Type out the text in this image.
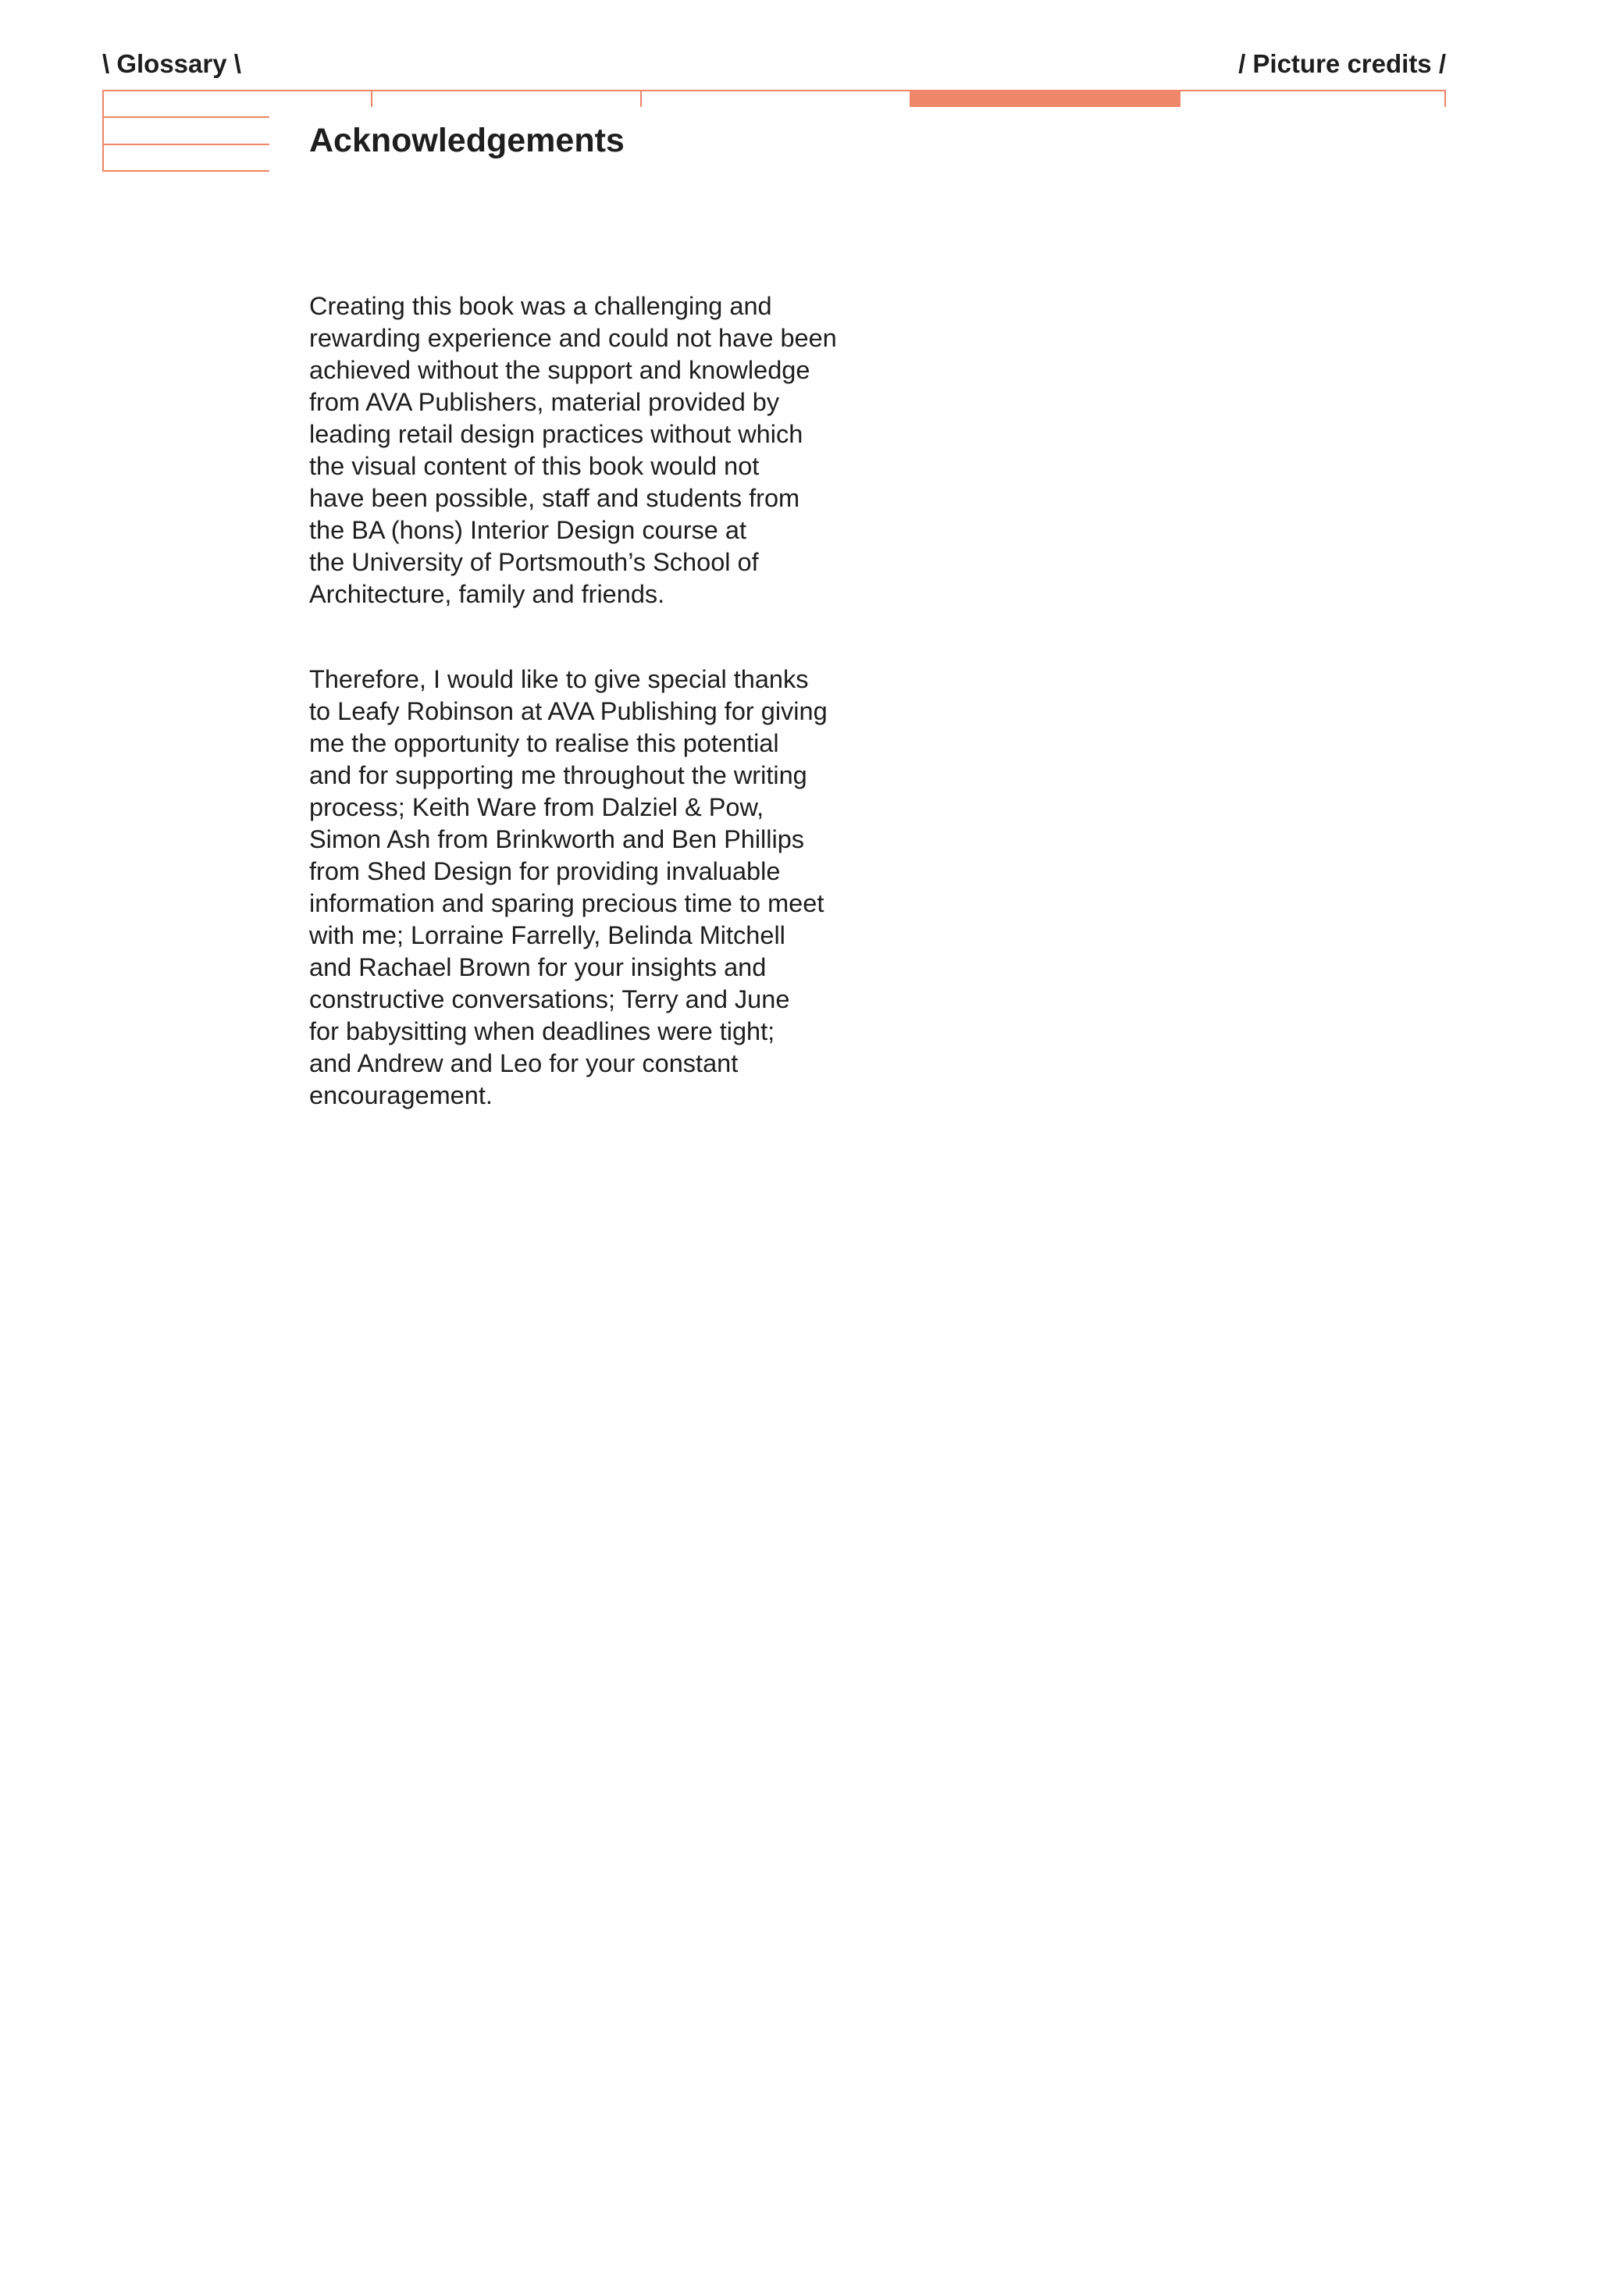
\ Glossary \	/ Picture credits /
Acknowledgements

Creating this book was a challenging and
rewarding experience and could not have been
achieved without the support and knowledge
from AVA Publishers, material provided by
leading retail design practices without which
the visual content of this book would not
have been possible, staff and students from
the BA (hons) Interior Design course at
the University of Portsmouth’s School of
Architecture, family and friends.

Therefore, I would like to give special thanks
to Leafy Robinson at AVA Publishing for giving
me the opportunity to realise this potential
and for supporting me throughout the writing
process; Keith Ware from Dalziel & Pow,
Simon Ash from Brinkworth and Ben Phillips
from Shed Design for providing invaluable
information and sparing precious time to meet
with me; Lorraine Farrelly, Belinda Mitchell
and Rachael Brown for your insights and
constructive conversations; Terry and June
for babysitting when deadlines were tight;
and Andrew and Leo for your constant
encouragement.
